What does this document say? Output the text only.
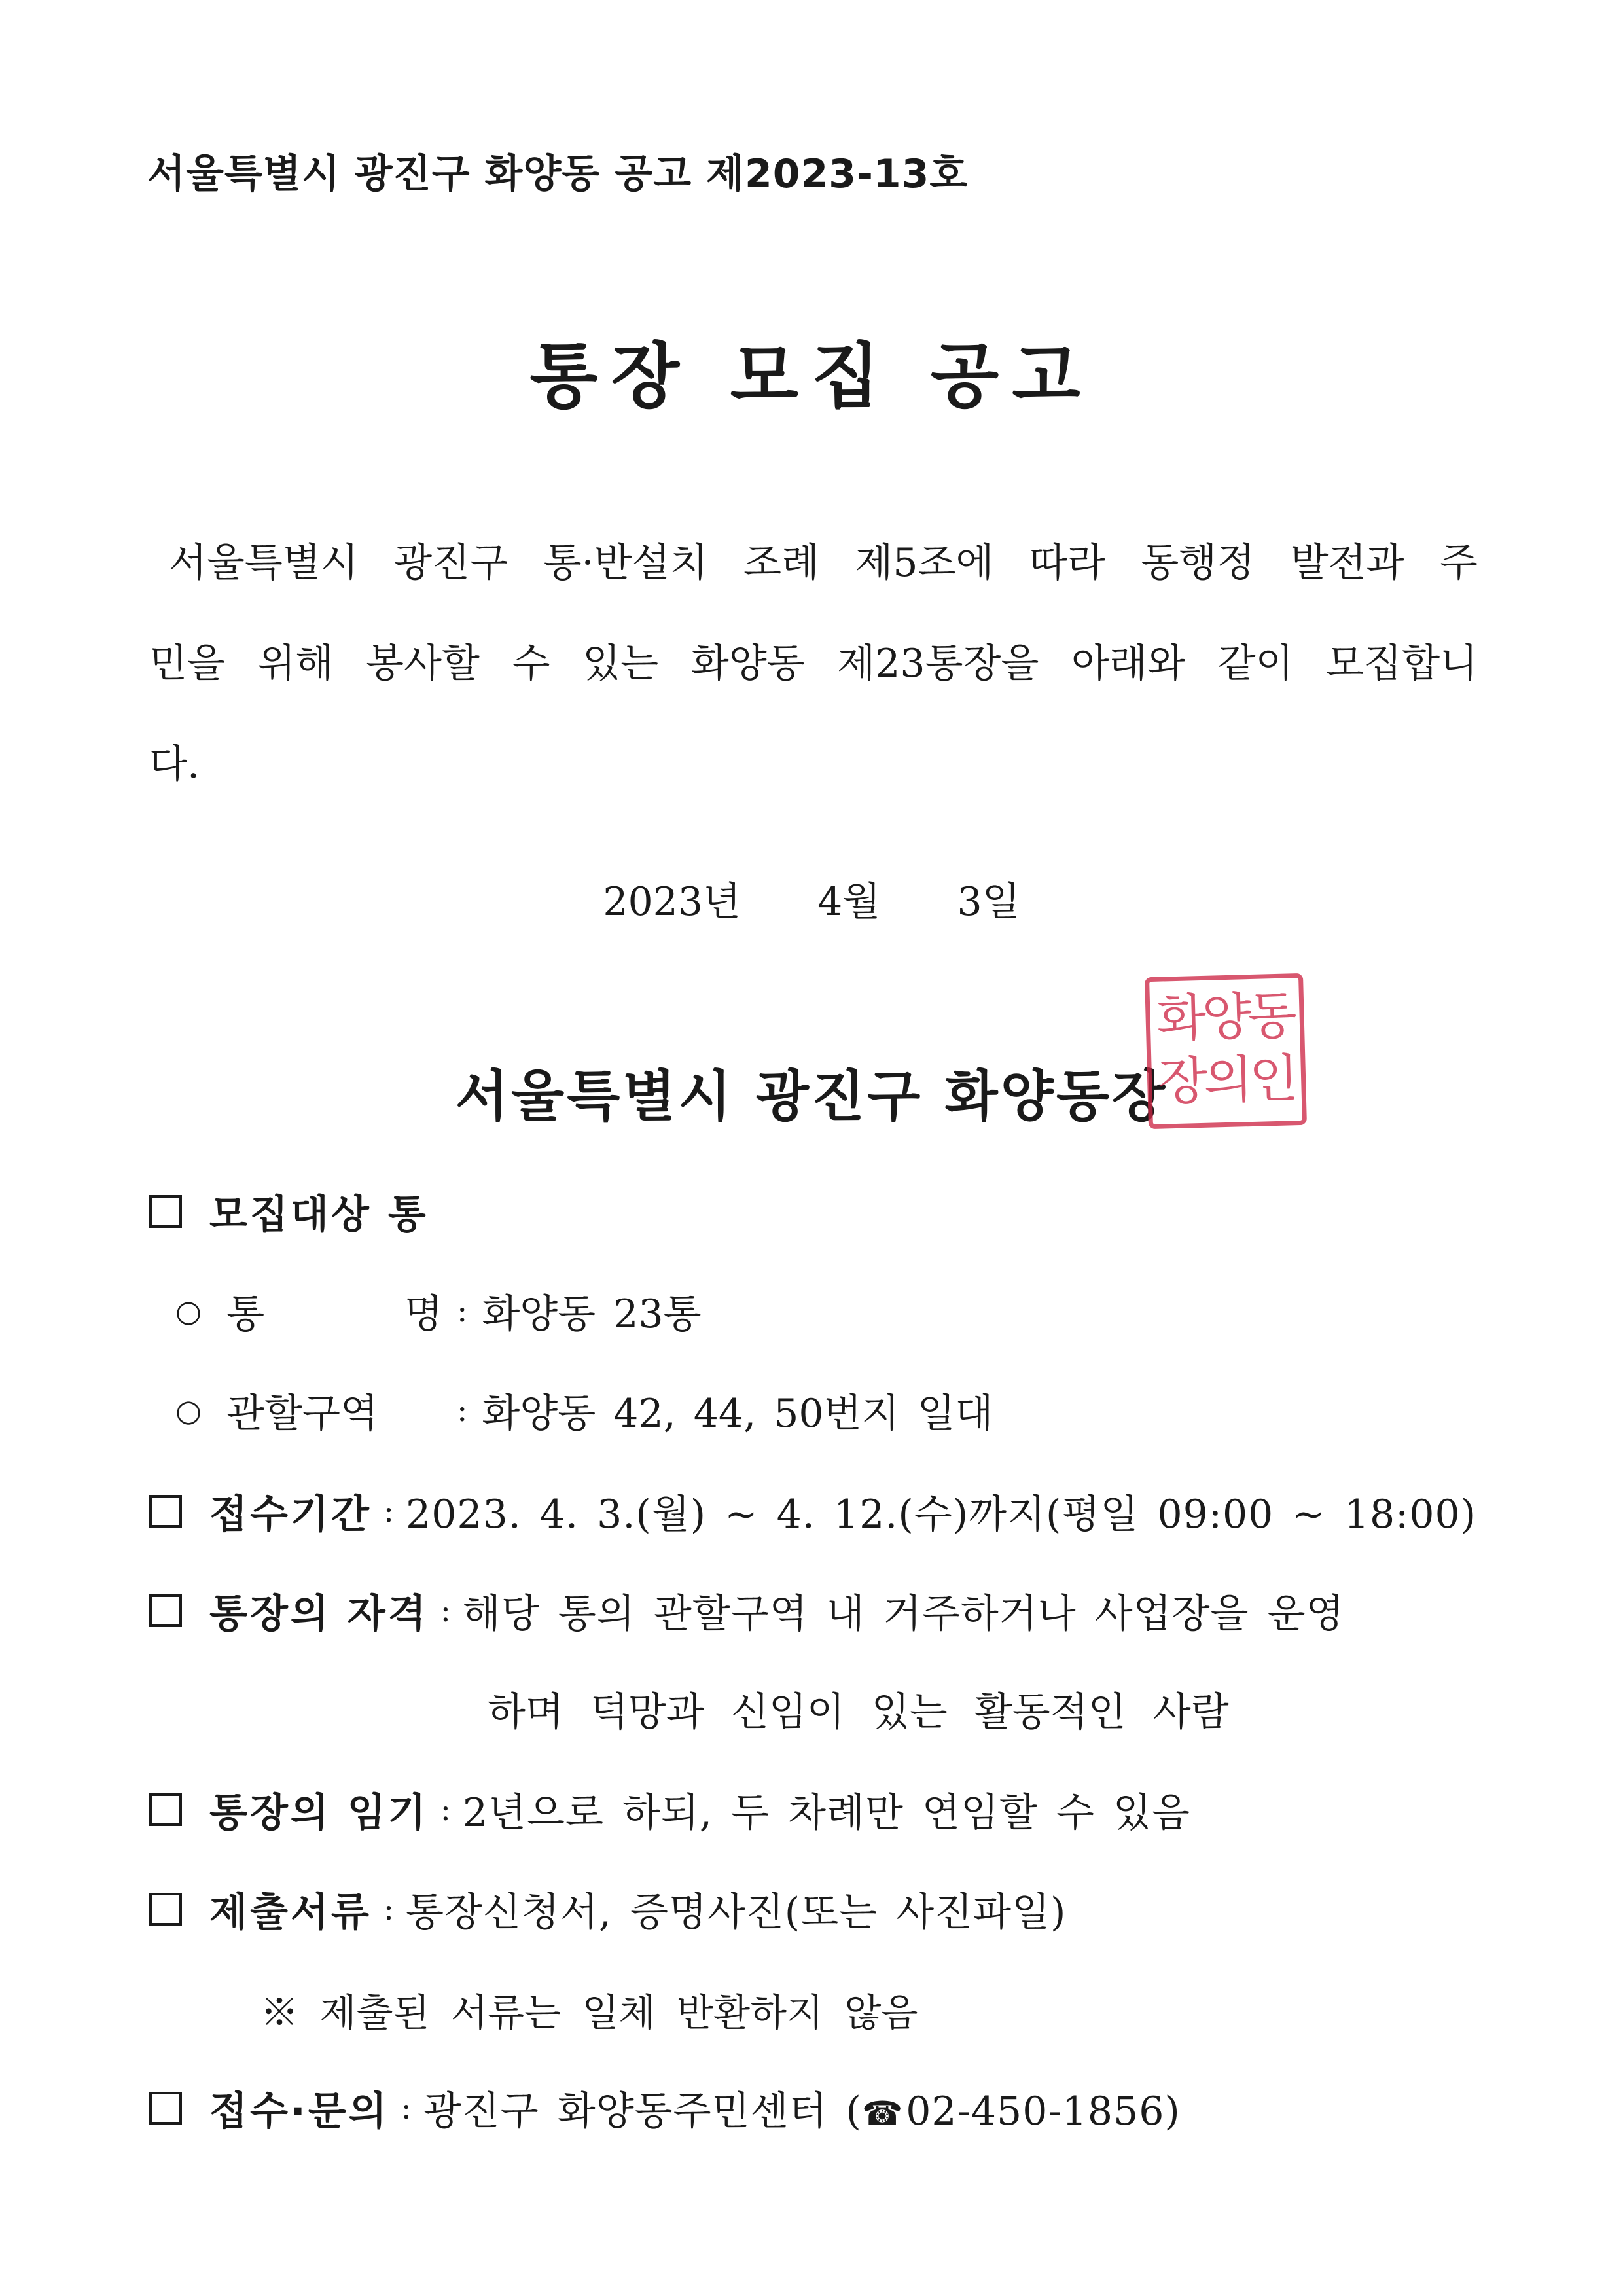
서울특별시 광진구 화양동 공고 제2023-13호
통장 모집 공고
서울특별시 광진구 통·반설치 조례 제5조에 따라 동행정 발전과 주
민을 위해 봉사할 수 있는 화양동 제23통장을 아래와 같이 모집합니
다.
2023년   4월   3일
서울특별시 광진구 화양동장
화양동
장의인
모집대상 통
○ 통 명 : 화양동 23통
○ 관할구역	: 화양동 42, 44, 50번지 일대
접수기간 : 2023. 4. 3.(월) ~ 4. 12.(수)까지(평일 09:00 ~ 18:00)
통장의 자격 : 해당 통의 관할구역 내 거주하거나 사업장을 운영
하며 덕망과 신임이 있는 활동적인 사람
통장의 임기 : 2년으로 하되, 두 차례만 연임할 수 있음
제출서류 : 통장신청서, 증명사진(또는 사진파일)
※ 제출된 서류는 일체 반환하지 않음
접수·문의 : 광진구 화양동주민센터 (☎02-450-1856)
